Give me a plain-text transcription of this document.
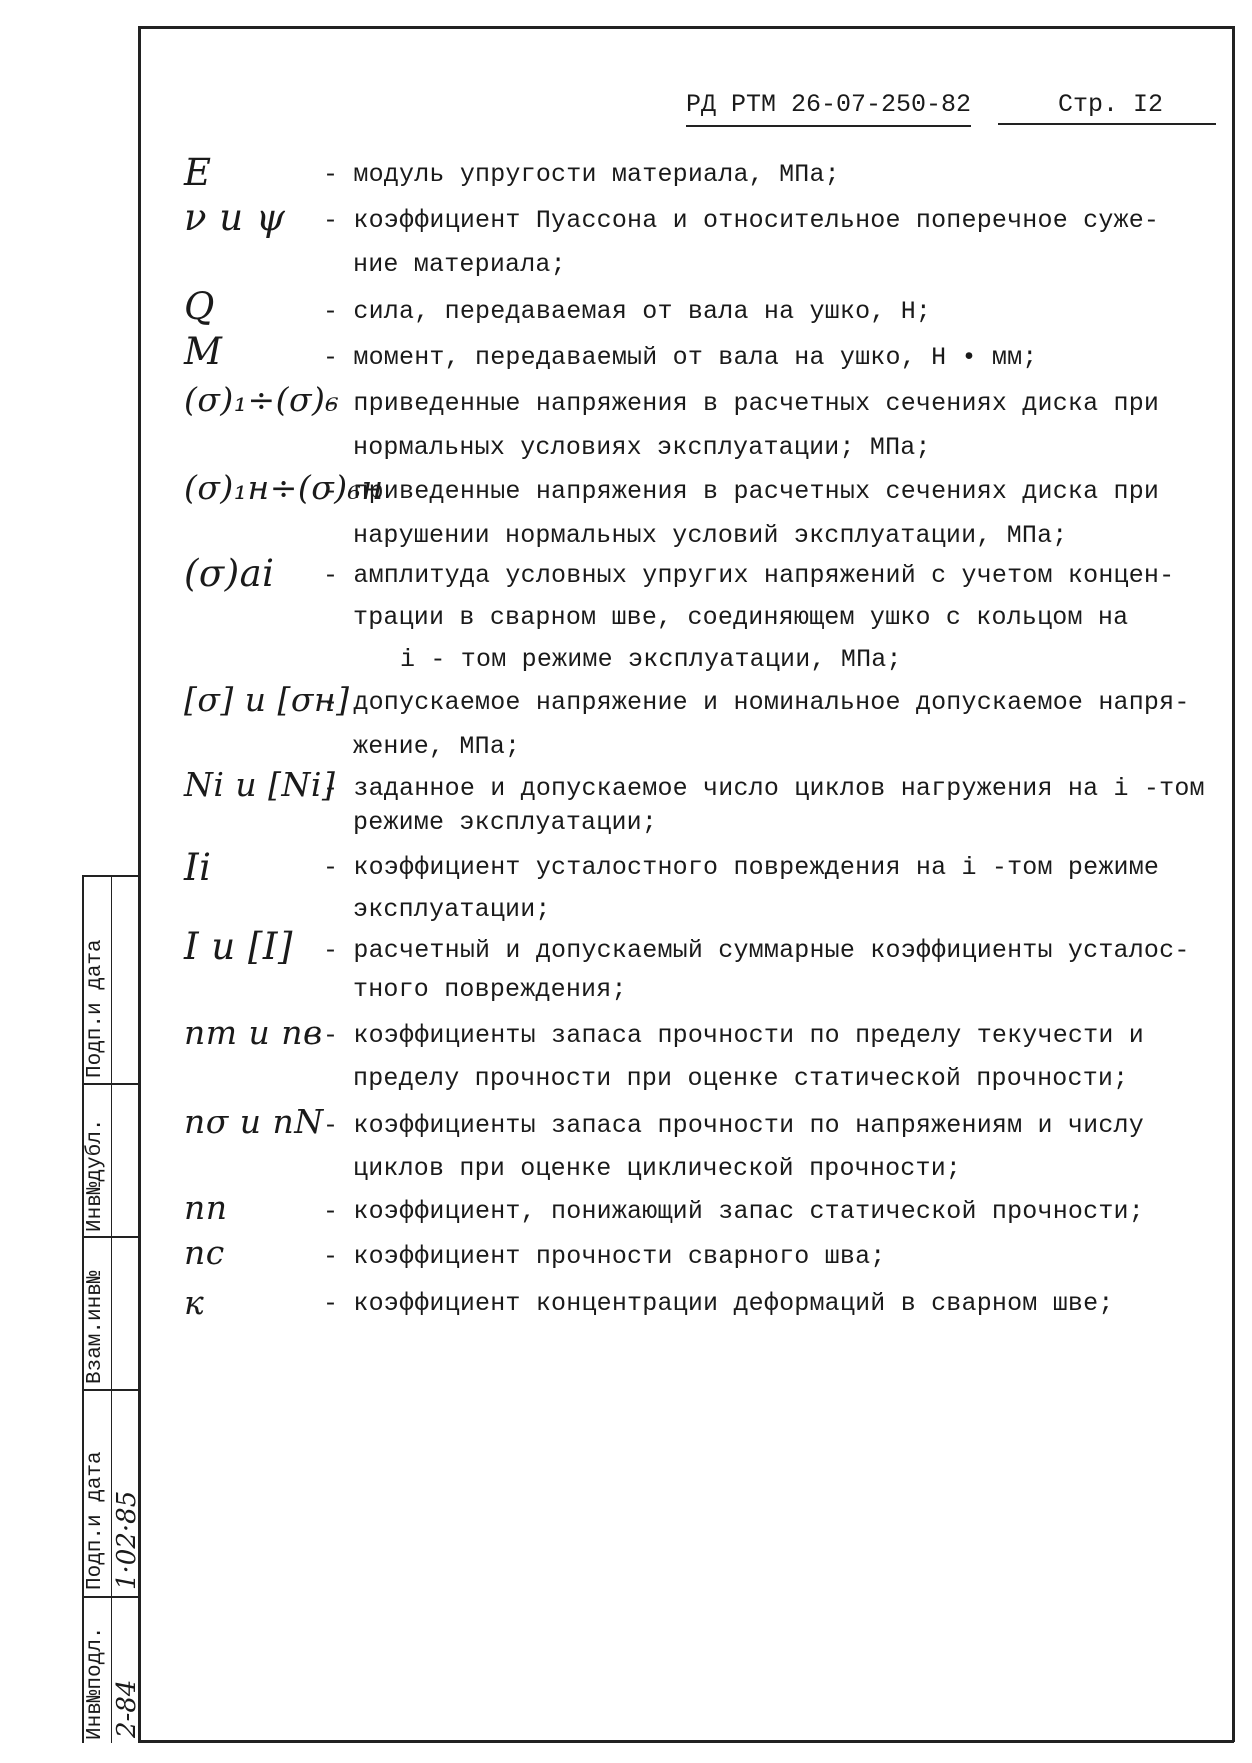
РД РТМ 26-07-250-82	Стр. I2
E	- модуль упругости материала, МПа;
ν и ψ - коэффициент Пуассона и относительное поперечное суже-
ние материала;
Q	- сила, передаваемая от вала на ушко, Н;
M	- момент, передаваемый от вала на ушко, Н • мм;
(σ)₁÷(σ)₆
- приведенные напряжения в расчетных сечениях диска при
нормальных условиях эксплуатации; МПа;
(σ)₁н÷(σ)₆н
- приведенные напряжения в расчетных сечениях диска при
нарушении нормальных условий эксплуатации, МПа;
(σ)ai - амплитуда условных упругих напряжений с учетом концен-
трации в сварном шве, соединяющем ушко с кольцом на
i - том режиме эксплуатации, МПа;
[σ] и [σн]
- допускаемое напряжение и номинальное допускаемое напря-
жение, МПа;
Ni и [Ni]
- заданное и допускаемое число циклов нагружения на i -том
режиме эксплуатации;
Ii	- коэффициент усталостного повреждения на i -том режиме
эксплуатации;
I и [I] - расчетный и допускаемый суммарные коэффициенты усталос-
тного повреждения;
nт и nв - коэффициенты запаса прочности по пределу текучести и
пределу прочности при оценке статической прочности;
nσ и nN - коэффициенты запаса прочности по напряжениям и числу
циклов при оценке циклической прочности;
nп	- коэффициент, понижающий запас статической прочности;
nс	- коэффициент прочности сварного шва;
к	- коэффициент концентрации деформаций в сварном шве;
Инв№подл.
Подп.и дата
Взам.инв№
Инв№дубл.
Подп.и дата
2-84
1·02·85
